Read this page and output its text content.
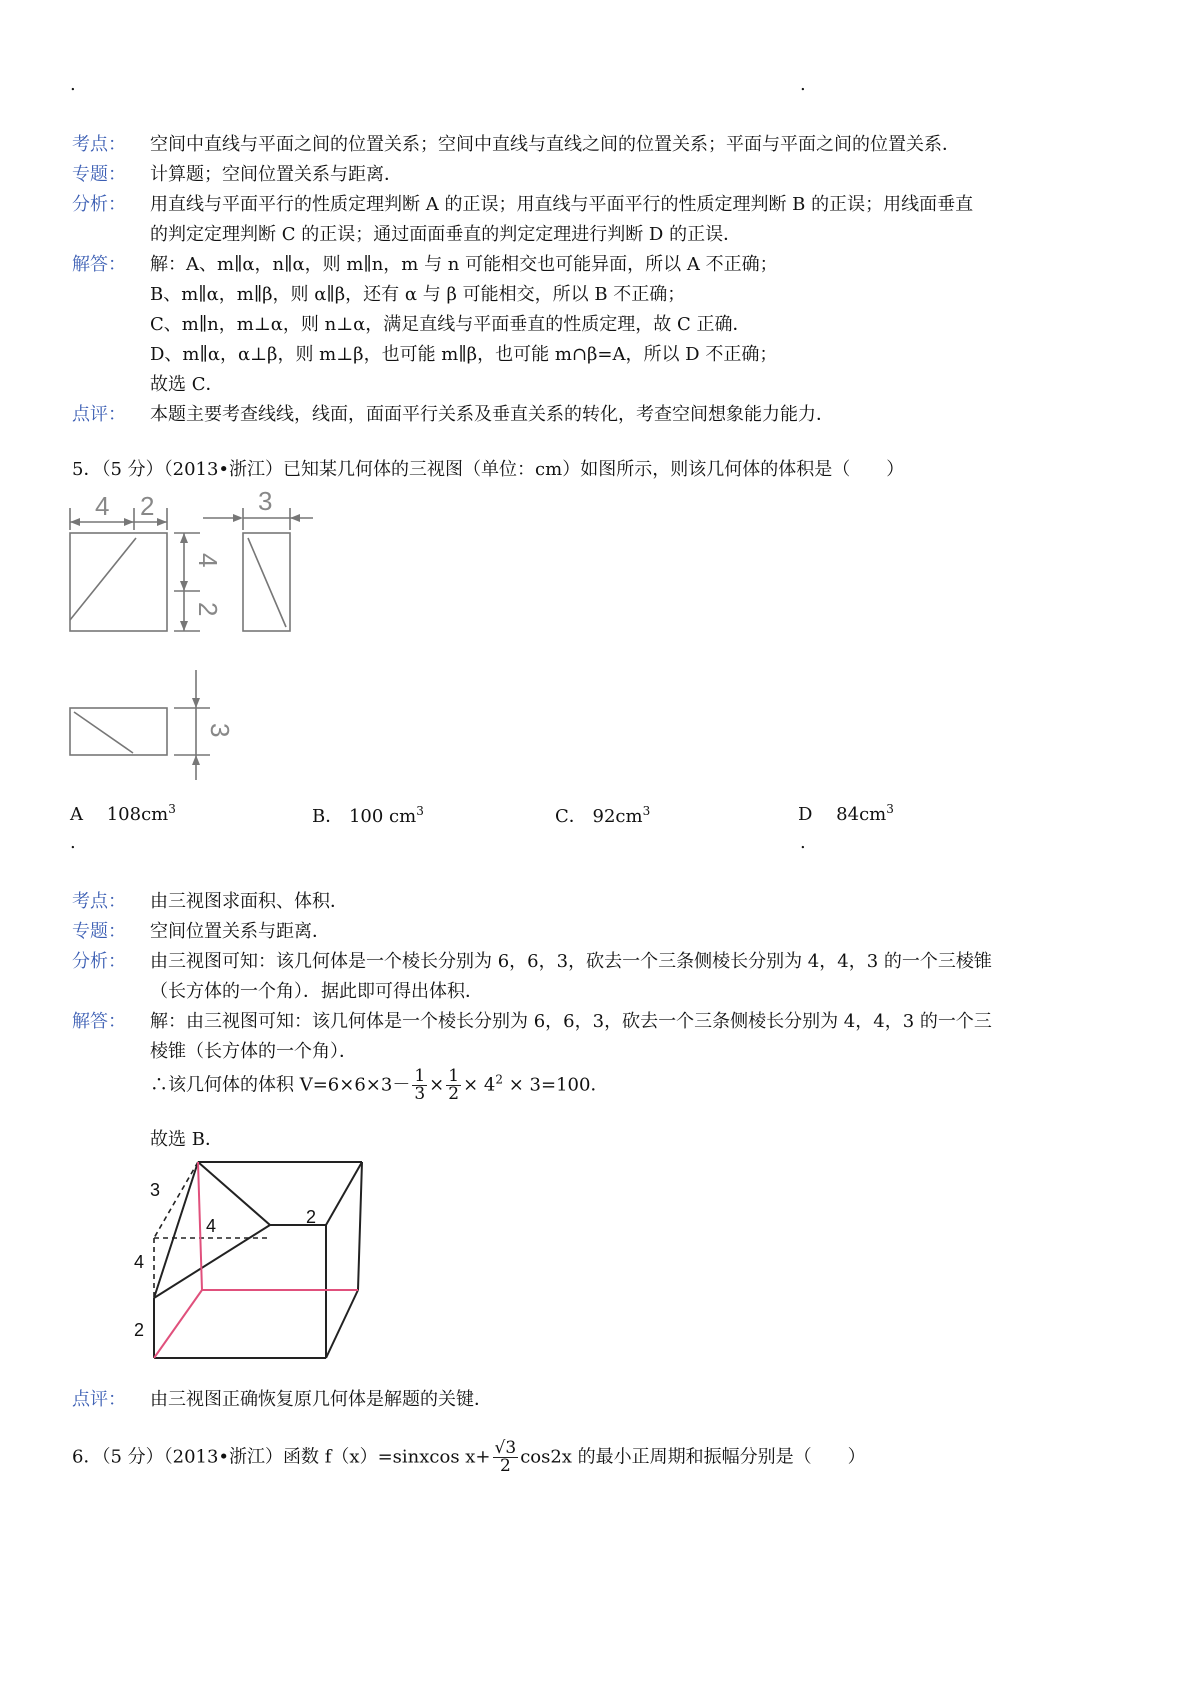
.	.
考点： 空间中直线与平面之间的位置关系；空间中直线与直线之间的位置关系；平面与平面之间的位置关系．
专题： 计算题；空间位置关系与距离．
分析： 用直线与平面平行的性质定理判断 A 的正误；用直线与平面平行的性质定理判断 B 的正误；用线面垂直
的判定定理判断 C 的正误；通过面面垂直的判定定理进行判断 D 的正误．
解答： 解：A、m∥α，n∥α，则 m∥n，m 与 n 可能相交也可能异面，所以 A 不正确；
B、m∥α，m∥β，则 α∥β，还有 α 与 β 可能相交，所以 B 不正确；
C、m∥n，m⊥α，则 n⊥α，满足直线与平面垂直的性质定理，故 C 正确．
D、m∥α，α⊥β，则 m⊥β，也可能 m∥β，也可能 m∩β=A，所以 D 不正确；
故选 C．
点评： 本题主要考查线线，线面，面面平行关系及垂直关系的转化，考查空间想象能力能力．
5．（5 分）（2013•浙江）已知某几何体的三视图（单位：cm）如图所示，则该几何体的体积是（　　）
4 2	3
4
2
3
A $108cm^3$	B． 100 $cm^3$	C． $92cm^3$	D $84cm^3$
.	.
考点： 由三视图求面积、体积．
专题： 空间位置关系与距离．
分析： 由三视图可知：该几何体是一个棱长分别为 6，6，3，砍去一个三条侧棱长分别为 4，4，3 的一个三棱锥
（长方体的一个角）．据此即可得出体积．
解答： 解：由三视图可知：该几何体是一个棱长分别为 6，6，3，砍去一个三条侧棱长分别为 4，4，3 的一个三
棱锥（长方体的一个角）．
∴该几何体的体积 $V=6\times 6\times 3- \frac{1}{3} \times \frac{1}{2} \times 4^2 \times 3=100$．
故选 B．
3
4	2
4
2
点评： 由三视图正确恢复原几何体是解题的关键．
6．（5 分）（2013•浙江）函数 f（x）=sinxcos $x+ \frac{√3}{2} \cos 2x$ 的最小正周期和振幅分别是（　　）
